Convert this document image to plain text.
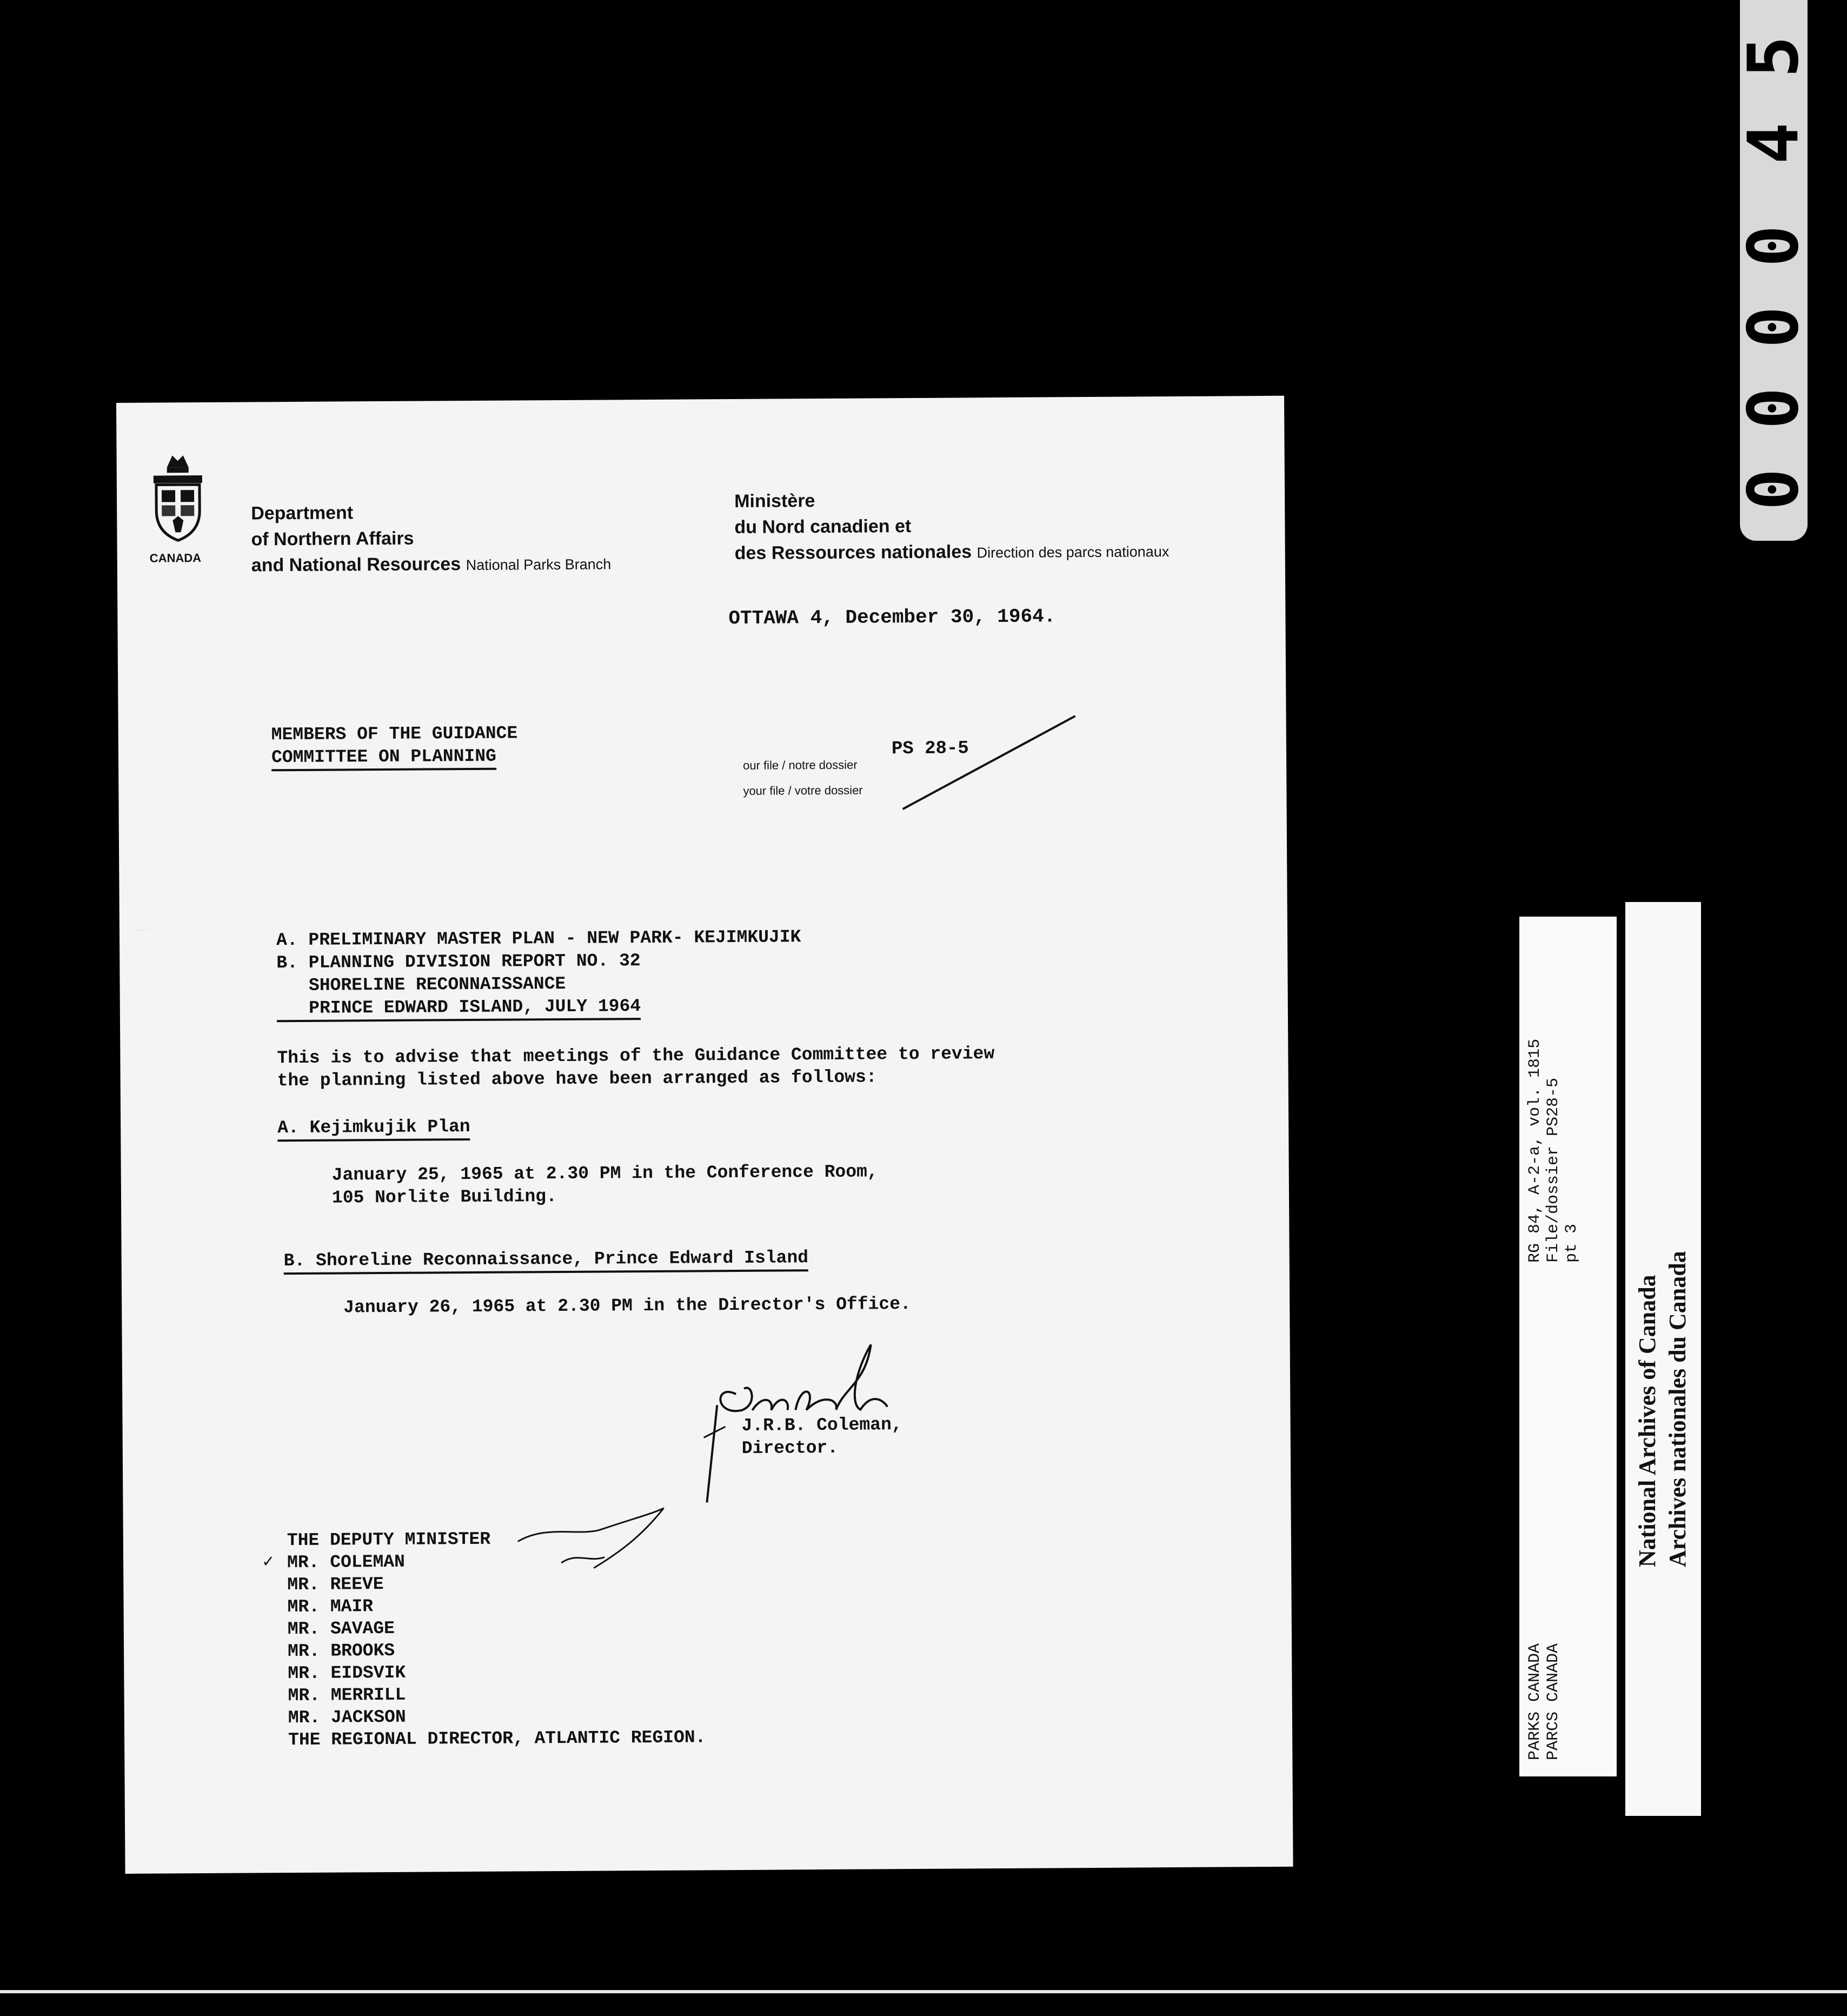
0
0
0
0
4
5
CANADA
Department
of Northern Affairs
and National Resources National Parks Branch
Ministère
du Nord canadien et
des Ressources nationales Direction des parcs nationaux
OTTAWA 4, December 30, 1964.
MEMBERS OF THE GUIDANCE
COMMITTEE ON PLANNING	our file / notre dossier
your file / votre dossier
PS 28-5
A. PRELIMINARY MASTER PLAN - NEW PARK- KEJIMKUJIK
B. PLANNING DIVISION REPORT NO. 32
SHORELINE RECONNAISSANCE
PRINCE EDWARD ISLAND, JULY 1964
This is to advise that meetings of the Guidance Committee to review
the planning listed above have been arranged as follows:
A. Kejimkujik Plan
January 25, 1965 at 2.30 PM in the Conference Room,
105 Norlite Building.
B. Shoreline Reconnaissance, Prince Edward Island
January 26, 1965 at 2.30 PM in the Director's Office.
J.R.B. Coleman,
Director.
THE DEPUTY MINISTER
MR. COLEMAN
MR. REEVE
MR. MAIR
MR. SAVAGE
MR. BROOKS
MR. EIDSVIK
MR. MERRILL
MR. JACKSON
THE REGIONAL DIRECTOR, ATLANTIC REGION.
✓
PARKS CANADA PARCS CANADA
RG 84, A-2-a, vol. 1815 File/dossier PS28-5 pt 3
National Archives of Canada Archives nationales du Canada
